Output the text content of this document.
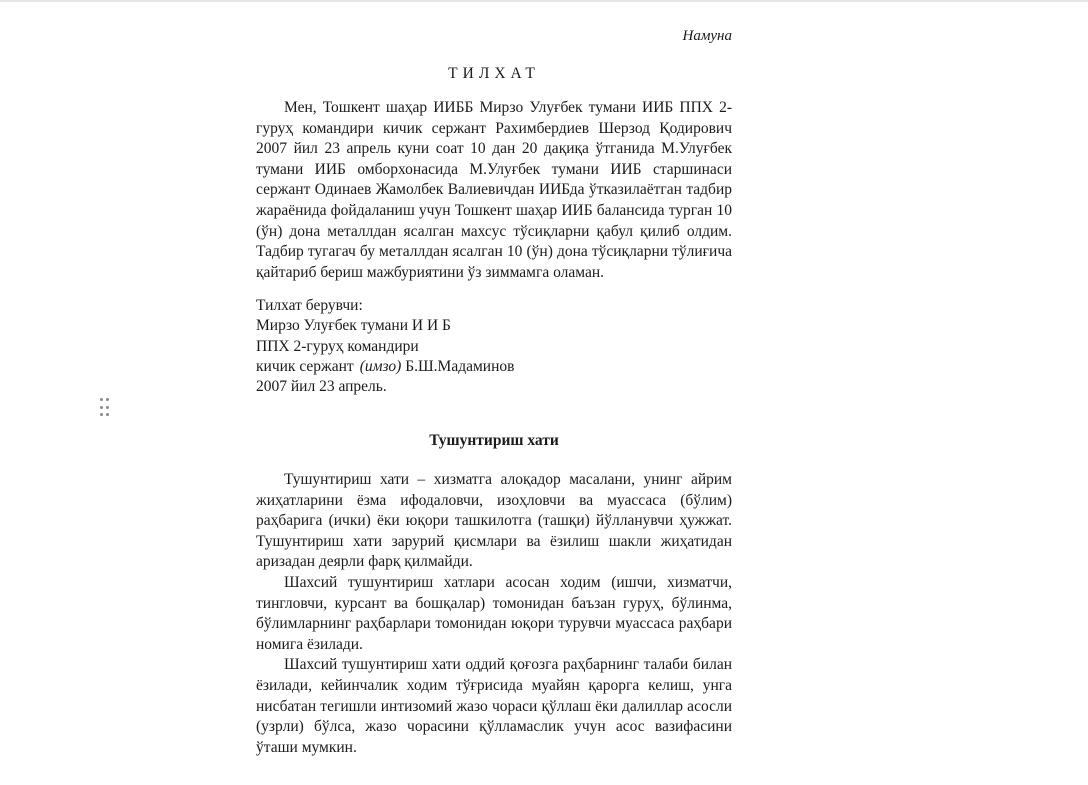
Намуна
ТИЛХАТ

Мен, Тошкент шаҳар ИИББ Мирзо Улуғбек тумани ИИБ ППХ 2-гуруҳ командири кичик сержант Рахимбердиев Шерзод Қодирович 2007 йил 23 апрель куни соат 10 дан 20 дақиқа ўтганида М.Улуғбек тумани ИИБ омборхонасида М.Улуғбек тумани ИИБ старшинаси сержант Одинаев Жамолбек Валиевичдан ИИБда ўтказилаётган тадбир жараёнида фойдаланиш учун Тошкент шаҳар ИИБ балансида турган 10 (ўн) дона металлдан ясалган махсус тўсиқларни қабул қилиб олдим. Тадбир тугагач бу металлдан ясалган 10 (ўн) дона тўсиқларни тўлиғича қайтариб бериш мажбуриятини ўз зиммамга оламан.

Тилхат берувчи:
Мирзо Улуғбек тумани И И Б
ППХ 2-гуруҳ командири
кичик сержант (имзо) Б.Ш.Мадаминов
2007 йил 23 апрель.
Тушунтириш хати

Тушунтириш хати – хизматга алоқадор масалани, унинг айрим жиҳатларини ёзма ифодаловчи, изоҳловчи ва муассаса (бўлим) раҳбарига (ички) ёки юқори ташкилотга (ташқи) йўлланувчи ҳужжат. Тушунтириш хати зарурий қисмлари ва ёзилиш шакли жиҳатидан аризадан деярли фарқ қилмайди.

Шахсий тушунтириш хатлари асосан ходим (ишчи, хизматчи, тингловчи, курсант ва бошқалар) томонидан баъзан гуруҳ, бўлинма, бўлимларнинг раҳбарлари томонидан юқори турувчи муассаса раҳбари номига ёзилади.

Шахсий тушунтириш хати оддий қоғозга раҳбарнинг талаби билан ёзилади, кейинчалик ходим тўғрисида муайян қарорга келиш, унга нисбатан тегишли интизомий жазо чораси қўллаш ёки далиллар асосли (узрли) бўлса, жазо чорасини қўлламаслик учун асос вазифасини ўташи мумкин.
